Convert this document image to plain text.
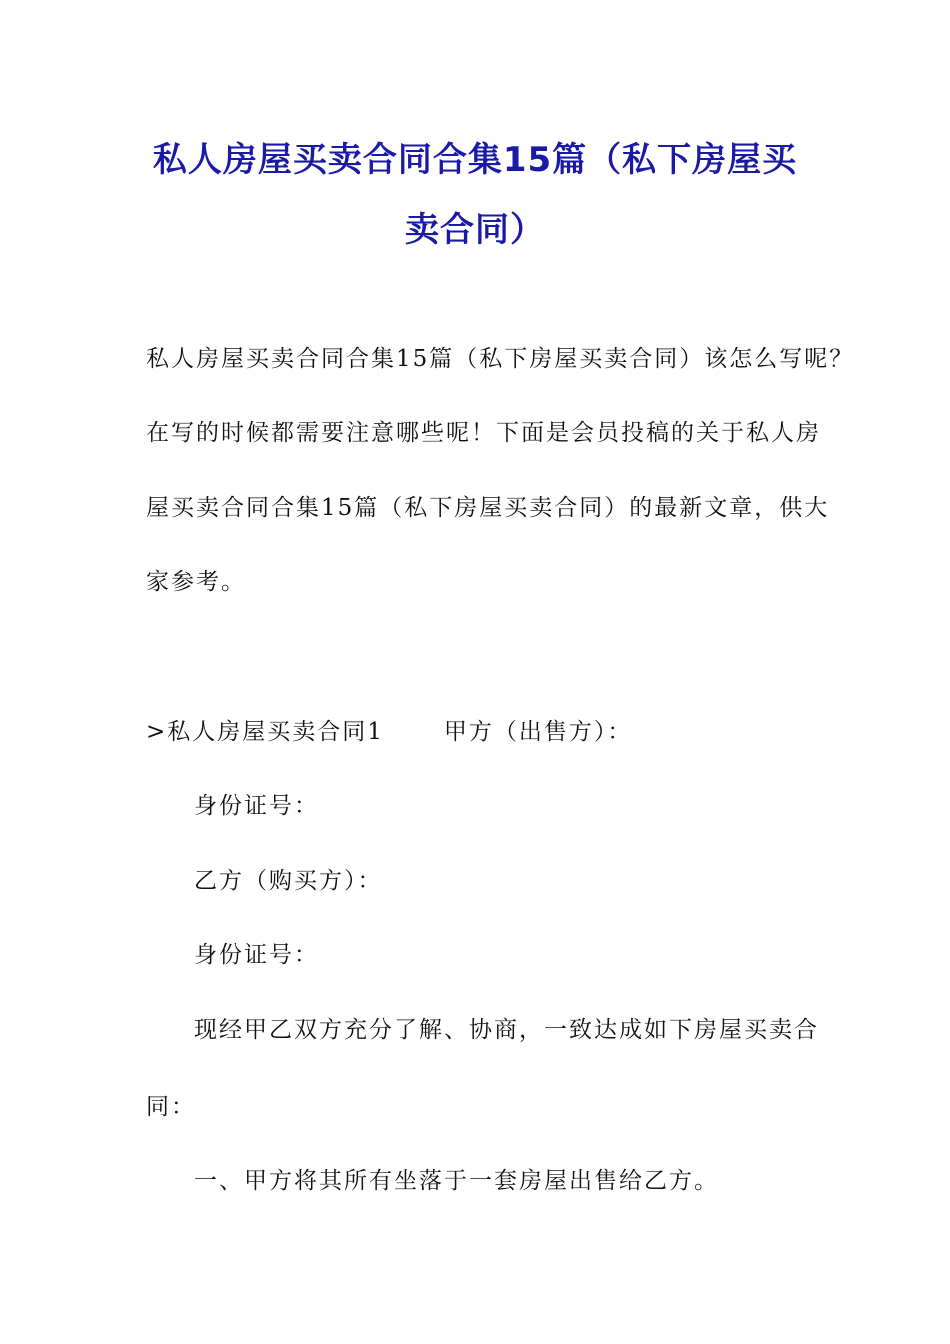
私人房屋买卖合同合集15篇（私下房屋买
卖合同）
私人房屋买卖合同合集15篇（私下房屋买卖合同）该怎么写呢？
在写的时候都需要注意哪些呢！下面是会员投稿的关于私人房
屋买卖合同合集15篇（私下房屋买卖合同）的最新文章，供大
家参考。
>私人房屋买卖合同1	甲方（出售方）：
身份证号：
乙方（购买方）：
身份证号：
现经甲乙双方充分了解、协商，一致达成如下房屋买卖合
同：
一、甲方将其所有坐落于一套房屋出售给乙方。
